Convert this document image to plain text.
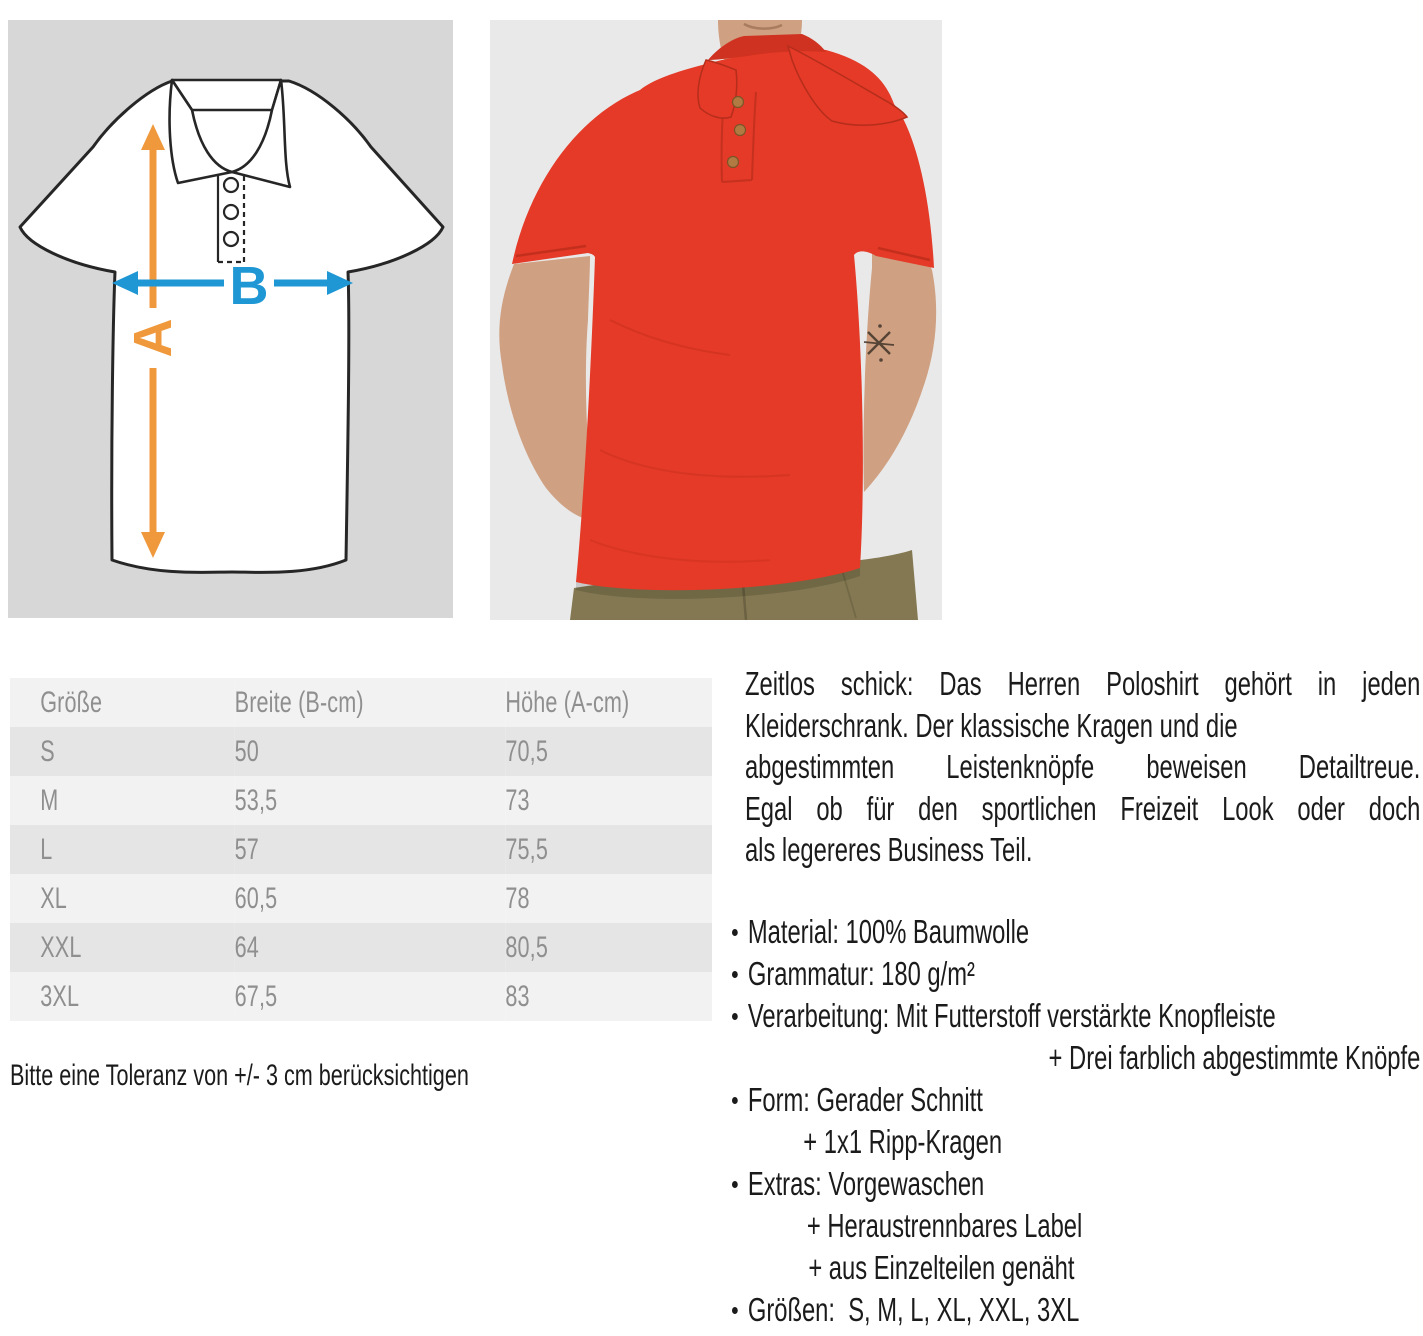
A
B
Größe	Breite (B-cm)	Höhe (A-cm)
S	50	70,5
M	53,5	73
L	57	75,5
XL	60,5	78
XXL	64	80,5
3XL	67,5	83
Bitte eine Toleranz von +/- 3 cm berücksichtigen
Zeitlos schick: Das Herren Poloshirt gehört in jeden
Kleiderschrank. Der klassische Kragen und die
abgestimmten Leistenknöpfe beweisen Detailtreue.
Egal ob für den sportlichen Freizeit Look oder doch
als legereres Business Teil.
Material: 100% Baumwolle
Grammatur: 180 g/m²
Verarbeitung: Mit Futterstoff verstärkte Knopfleiste
+ Drei farblich abgestimmte Knöpfe
Form: Gerader Schnitt
+ 1x1 Ripp-Kragen
Extras: Vorgewaschen
+ Heraustrennbares Label
+ aus Einzelteilen genäht
Größen:  S, M, L, XL, XXL, 3XL
